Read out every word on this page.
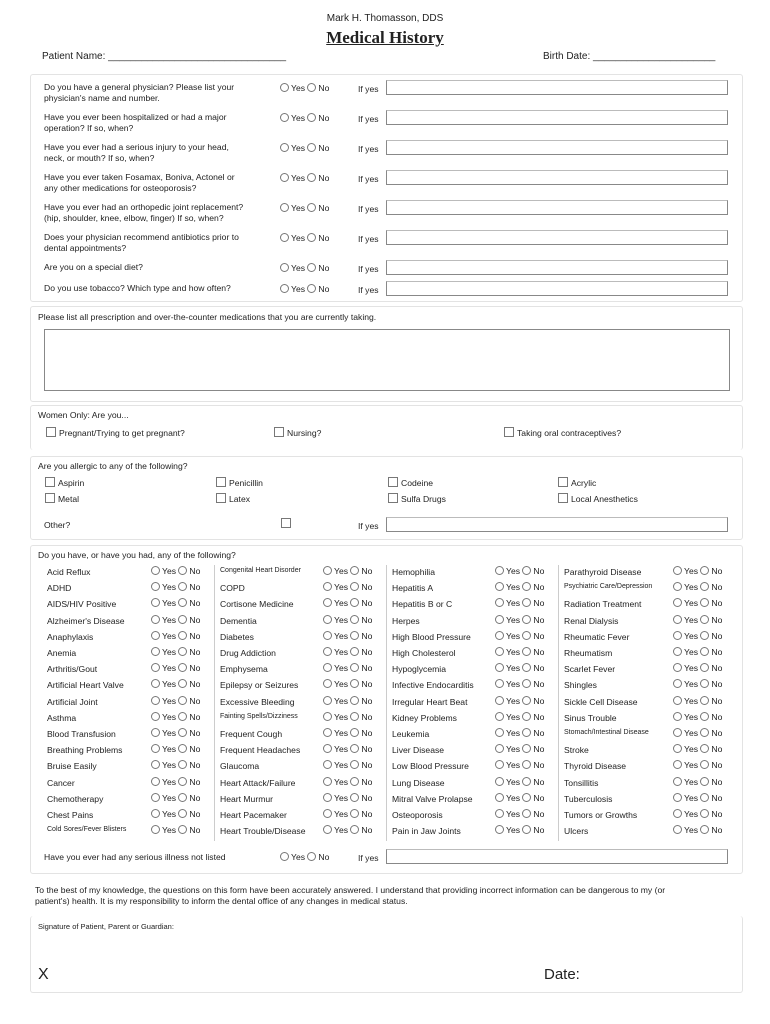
Mark H. Thomasson, DDS
Medical History
Patient Name: ________________________________	Birth Date: ______________________
Do you have a general physician? Please list your
physician's name and number.
Yes No	If yes
Have you ever been hospitalized or had a major
operation? If so, when?
Yes No	If yes
Have you ever had a serious injury to your head,
neck, or mouth? If so, when?
Yes No	If yes
Have you ever taken Fosamax, Boniva, Actonel or
any other medications for osteoporosis?
Yes No	If yes
Have you ever had an orthopedic joint replacement?
(hip, shoulder, knee, elbow, finger) If so, when?
Yes No	If yes
Does your physician recommend antibiotics prior to
dental appointments?
Yes No	If yes
Are you on a special diet?	Yes No	If yes
Do you use tobacco? Which type and how often?	Yes No	If yes
Please list all prescription and over-the-counter medications that you are currently taking.
Women Only: Are you...
Pregnant/Trying to get pregnant?	Nursing?	Taking oral contraceptives?
Are you allergic to any of the following?
Aspirin	Penicillin	Codeine	Acrylic
Metal	Latex	Sulfa Drugs	Local Anesthetics
Other?	If yes
Do you have, or have you had, any of the following?
Acid Reflux	Yes No
ADHD	Yes No
AIDS/HIV Positive	Yes No
Alzheimer's Disease	Yes No
Anaphylaxis	Yes No
Anemia	Yes No
Arthritis/Gout	Yes No
Artificial Heart Valve	Yes No
Artificial Joint	Yes No
Asthma	Yes No
Blood Transfusion	Yes No
Breathing Problems	Yes No
Bruise Easily	Yes No
Cancer	Yes No
Chemotherapy	Yes No
Chest Pains	Yes No
Cold Sores/Fever Blisters	Yes No
Congenital Heart Disorder	Yes No
COPD	Yes No
Cortisone Medicine	Yes No
Dementia	Yes No
Diabetes	Yes No
Drug Addiction	Yes No
Emphysema	Yes No
Epilepsy or Seizures	Yes No
Excessive Bleeding	Yes No
Fainting Spells/Dizziness	Yes No
Frequent Cough	Yes No
Frequent Headaches	Yes No
Glaucoma	Yes No
Heart Attack/Failure	Yes No
Heart Murmur	Yes No
Heart Pacemaker	Yes No
Heart Trouble/Disease	Yes No
Hemophilia	Yes No
Hepatitis A	Yes No
Hepatitis B or C	Yes No
Herpes	Yes No
High Blood Pressure	Yes No
High Cholesterol	Yes No
Hypoglycemia	Yes No
Infective Endocarditis	Yes No
Irregular Heart Beat	Yes No
Kidney Problems	Yes No
Leukemia	Yes No
Liver Disease	Yes No
Low Blood Pressure	Yes No
Lung Disease	Yes No
Mitral Valve Prolapse	Yes No
Osteoporosis	Yes No
Pain in Jaw Joints	Yes No
Parathyroid Disease	Yes No
Psychiatric Care/Depression	Yes No
Radiation Treatment	Yes No
Renal Dialysis	Yes No
Rheumatic Fever	Yes No
Rheumatism	Yes No
Scarlet Fever	Yes No
Shingles	Yes No
Sickle Cell Disease	Yes No
Sinus Trouble	Yes No
Stomach/Intestinal Disease	Yes No
Stroke	Yes No
Thyroid Disease	Yes No
Tonsillitis	Yes No
Tuberculosis	Yes No
Tumors or Growths	Yes No
Ulcers	Yes No
Have you ever had any serious illness not listed	Yes No	If yes
To the best of my knowledge, the questions on this form have been accurately answered. I understand that providing incorrect information can be dangerous to my (or
patient's) health. It is my responsibility to inform the dental office of any changes in medical status.
Signature of Patient, Parent or Guardian:
X	Date:
